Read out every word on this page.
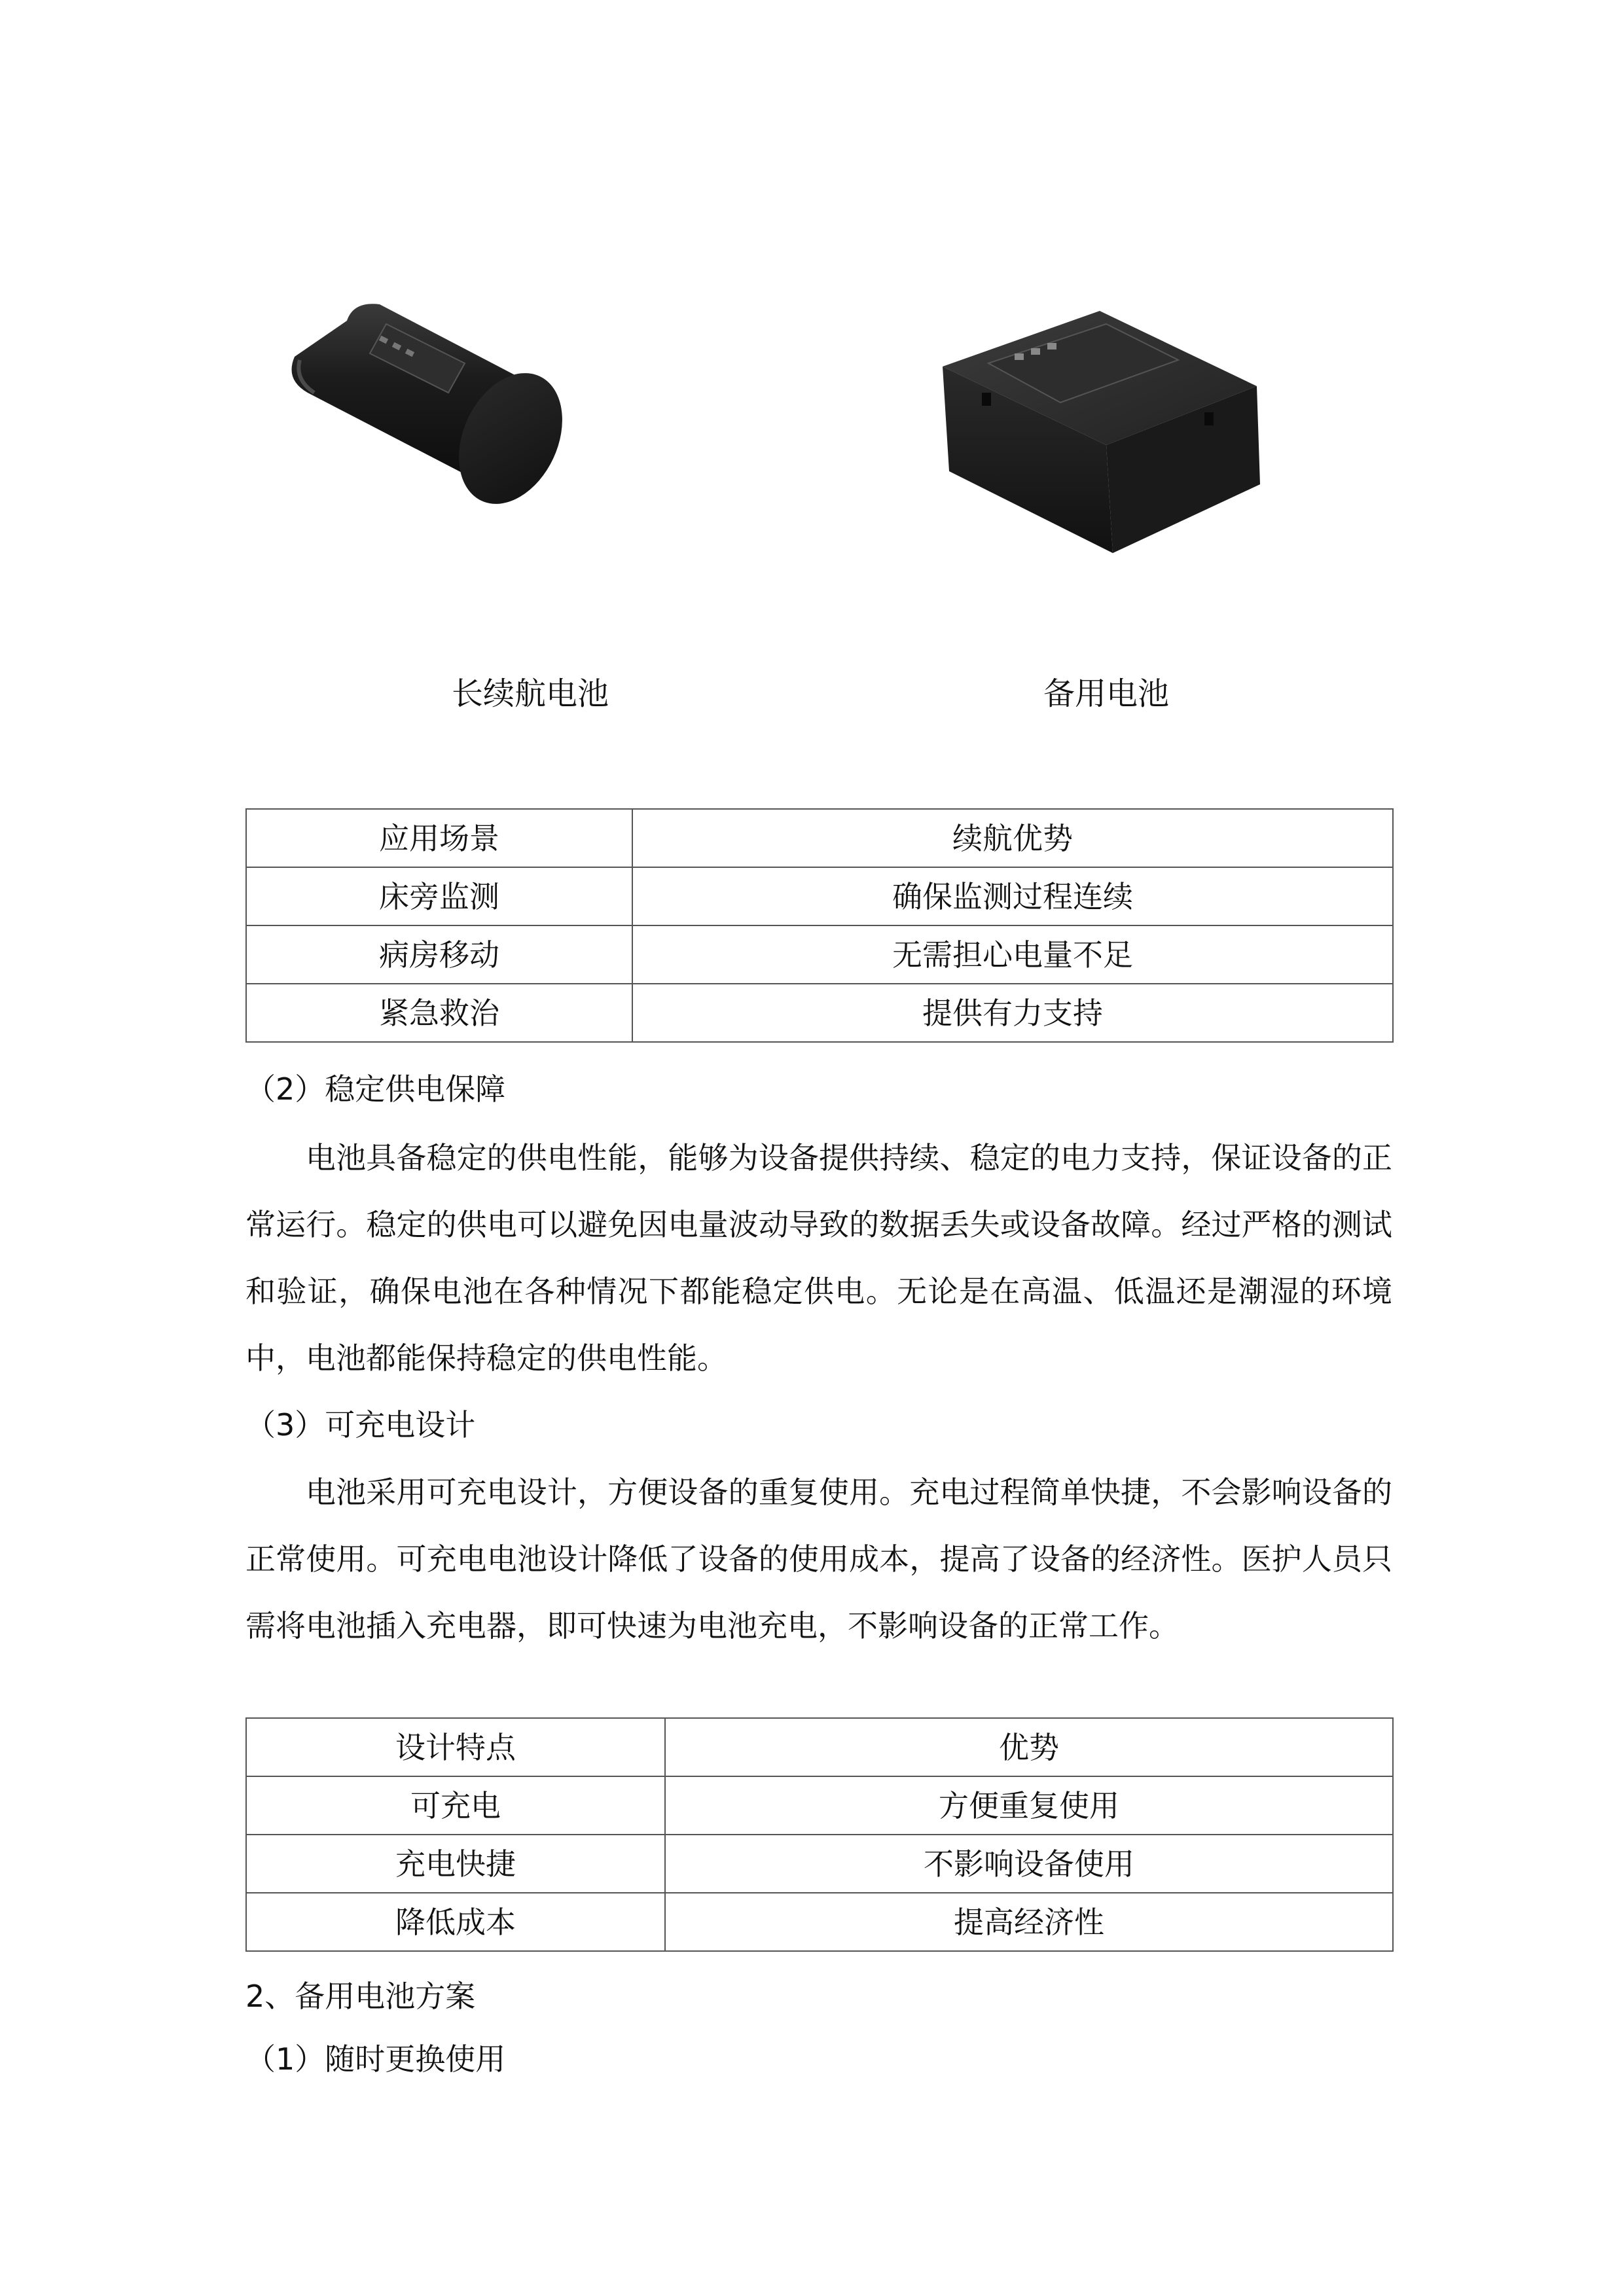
长续航电池	备用电池
应用场景	续航优势
床旁监测	确保监测过程连续
病房移动	无需担心电量不足
紧急救治	提供有力支持
（2）稳定供电保障

电池具备稳定的供电性能，能够为设备提供持续、稳定的电力支持，保证设备的正常运行。稳定的供电可以避免因电量波动导致的数据丢失或设备故障。经过严格的测试和验证，确保电池在各种情况下都能稳定供电。无论是在高温、低温还是潮湿的环境中，电池都能保持稳定的供电性能。

（3）可充电设计

电池采用可充电设计，方便设备的重复使用。充电过程简单快捷，不会影响设备的正常使用。可充电电池设计降低了设备的使用成本，提高了设备的经济性。医护人员只需将电池插入充电器，即可快速为电池充电，不影响设备的正常工作。

设计特点	优势
可充电	方便重复使用
充电快捷	不影响设备使用
降低成本	提高经济性
2、备用电池方案
（1）随时更换使用
